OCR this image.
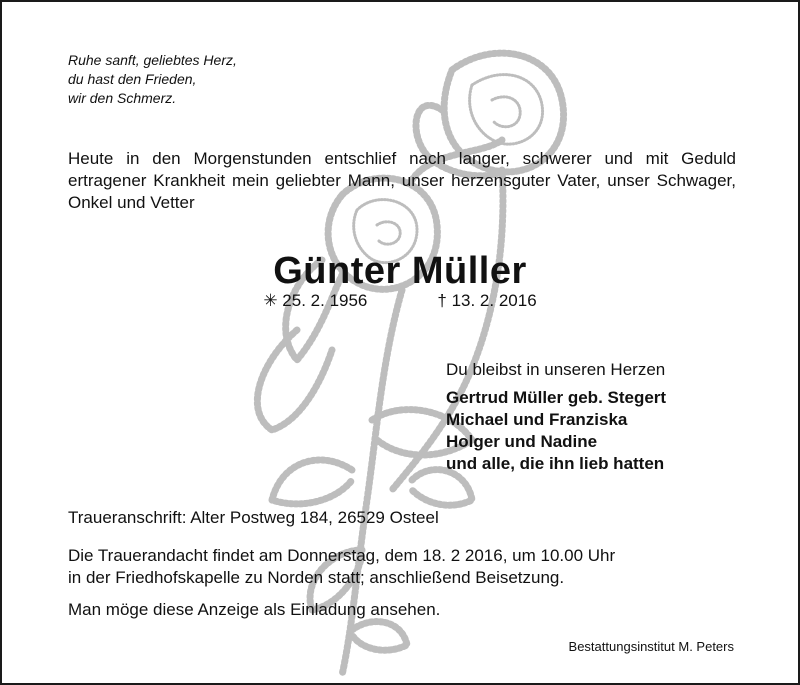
Ruhe sanft, geliebtes Herz,
du hast den Frieden,
wir den Schmerz.
Heute in den Morgenstunden entschlief nach langer, schwerer und mit Geduld ertragener Krankheit mein geliebter Mann, unser herzensguter Vater, unser Schwager, Onkel und Vetter
Günter Müller
✳ 25. 2. 1956	† 13. 2. 2016
Du bleibst in unseren Herzen
Gertrud Müller geb. Stegert
Michael und Franziska
Holger und Nadine
und alle, die ihn lieb hatten
Traueranschrift: Alter Postweg 184, 26529 Osteel
Die Trauerandacht findet am Donnerstag, dem 18. 2 2016, um 10.00 Uhr
in der Friedhofskapelle zu Norden statt; anschließend Beisetzung.
Man möge diese Anzeige als Einladung ansehen.
Bestattungsinstitut M. Peters
